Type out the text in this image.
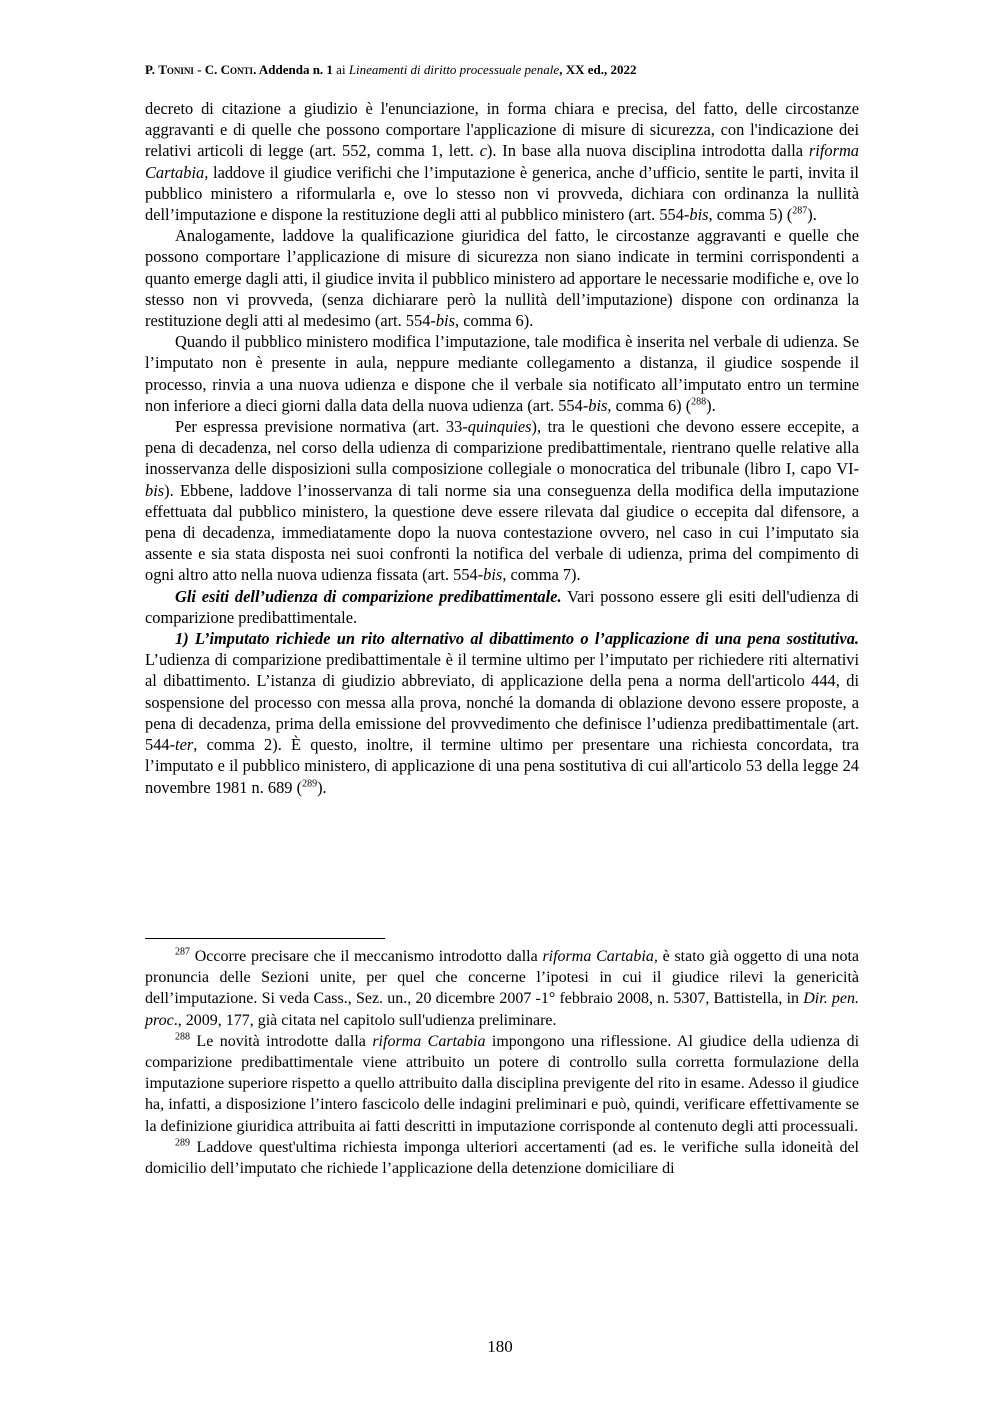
P. Tonini - C. Conti. Addenda n. 1 ai Lineamenti di diritto processuale penale, XX ed., 2022

decreto di citazione a giudizio è l'enunciazione, in forma chiara e precisa, del fatto, delle circostanze aggravanti e di quelle che possono comportare l'applicazione di misure di sicurezza, con l'indicazione dei relativi articoli di legge (art. 552, comma 1, lett. c). In base alla nuova disciplina introdotta dalla riforma Cartabia, laddove il giudice verifichi che l’imputazione è generica, anche d’ufficio, sentite le parti, invita il pubblico ministero a riformularla e, ove lo stesso non vi provveda, dichiara con ordinanza la nullità dell’imputazione e dispone la restituzione degli atti al pubblico ministero (art. 554-bis, comma 5) ($^{287}$).

Analogamente, laddove la qualificazione giuridica del fatto, le circostanze aggravanti e quelle che possono comportare l’applicazione di misure di sicurezza non siano indicate in termini corrispondenti a quanto emerge dagli atti, il giudice invita il pubblico ministero ad apportare le necessarie modifiche e, ove lo stesso non vi provveda, (senza dichiarare però la nullità dell’imputazione) dispone con ordinanza la restituzione degli atti al medesimo (art. 554-bis, comma 6).

Quando il pubblico ministero modifica l’imputazione, tale modifica è inserita nel verbale di udienza. Se l’imputato non è presente in aula, neppure mediante collegamento a distanza, il giudice sospende il processo, rinvia a una nuova udienza e dispone che il verbale sia notificato all’imputato entro un termine non inferiore a dieci giorni dalla data della nuova udienza (art. 554-bis, comma 6) ($^{288}$).

Per espressa previsione normativa (art. 33-quinquies), tra le questioni che devono essere eccepite, a pena di decadenza, nel corso della udienza di comparizione predibattimentale, rientrano quelle relative alla inosservanza delle disposizioni sulla composizione collegiale o monocratica del tribunale (libro I, capo VI-bis). Ebbene, laddove l’inosservanza di tali norme sia una conseguenza della modifica della imputazione effettuata dal pubblico ministero, la questione deve essere rilevata dal giudice o eccepita dal difensore, a pena di decadenza, immediatamente dopo la nuova contestazione ovvero, nel caso in cui l’imputato sia assente e sia stata disposta nei suoi confronti la notifica del verbale di udienza, prima del compimento di ogni altro atto nella nuova udienza fissata (art. 554-bis, comma 7).

Gli esiti dell’udienza di comparizione predibattimentale. Vari possono essere gli esiti dell'udienza di comparizione predibattimentale.

1) L’imputato richiede un rito alternativo al dibattimento o l’applicazione di una pena sostitutiva. L’udienza di comparizione predibattimentale è il termine ultimo per l’imputato per richiedere riti alternativi al dibattimento. L’istanza di giudizio abbreviato, di applicazione della pena a norma dell'articolo 444, di sospensione del processo con messa alla prova, nonché la domanda di oblazione devono essere proposte, a pena di decadenza, prima della emissione del provvedimento che definisce l’udienza predibattimentale (art. 544-ter, comma 2). È questo, inoltre, il termine ultimo per presentare una richiesta concordata, tra l’imputato e il pubblico ministero, di applicazione di una pena sostitutiva di cui all'articolo 53 della legge 24 novembre 1981 n. 689 ($^{289}$).

$^{287}$ Occorre precisare che il meccanismo introdotto dalla riforma Cartabia, è stato già oggetto di una nota pronuncia delle Sezioni unite, per quel che concerne l’ipotesi in cui il giudice rilevi la genericità dell’imputazione. Si veda Cass., Sez. un., 20 dicembre 2007 -1° febbraio 2008, n. 5307, Battistella, in Dir. pen. proc., 2009, 177, già citata nel capitolo sull'udienza preliminare.

$^{288}$ Le novità introdotte dalla riforma Cartabia impongono una riflessione. Al giudice della udienza di comparizione predibattimentale viene attribuito un potere di controllo sulla corretta formulazione della imputazione superiore rispetto a quello attribuito dalla disciplina previgente del rito in esame. Adesso il giudice ha, infatti, a disposizione l’intero fascicolo delle indagini preliminari e può, quindi, verificare effettivamente se la definizione giuridica attribuita ai fatti descritti in imputazione corrisponde al contenuto degli atti processuali.

$^{289}$ Laddove quest'ultima richiesta imponga ulteriori accertamenti (ad es. le verifiche sulla idoneità del domicilio dell’imputato che richiede l’applicazione della detenzione domiciliare di

180
